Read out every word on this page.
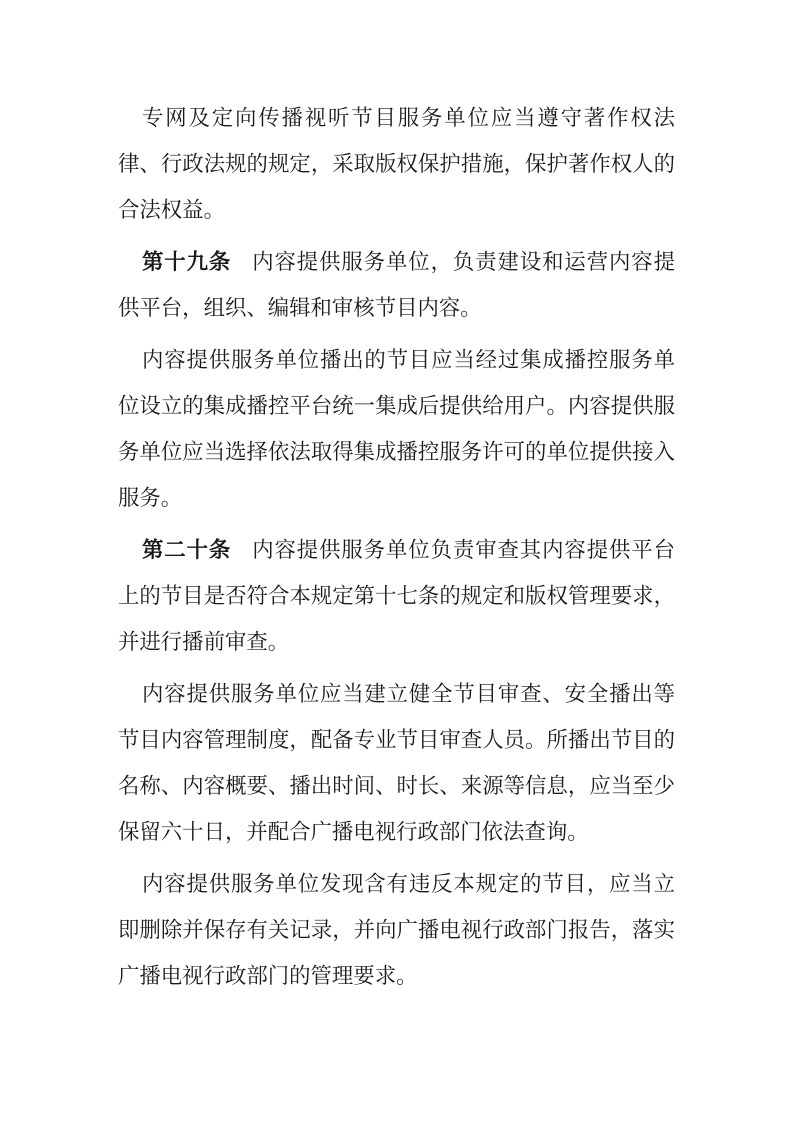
专网及定向传播视听节目服务单位应当遵守著作权法律、行政法规的规定，采取版权保护措施，保护著作权人的合法权益。

第十九条 内容提供服务单位，负责建设和运营内容提供平台，组织、编辑和审核节目内容。

内容提供服务单位播出的节目应当经过集成播控服务单位设立的集成播控平台统一集成后提供给用户。内容提供服务单位应当选择依法取得集成播控服务许可的单位提供接入服务。

第二十条 内容提供服务单位负责审查其内容提供平台上的节目是否符合本规定第十七条的规定和版权管理要求，并进行播前审查。

内容提供服务单位应当建立健全节目审查、安全播出等节目内容管理制度，配备专业节目审查人员。所播出节目的名称、内容概要、播出时间、时长、来源等信息，应当至少保留六十日，并配合广播电视行政部门依法查询。

内容提供服务单位发现含有违反本规定的节目，应当立即删除并保存有关记录，并向广播电视行政部门报告，落实广播电视行政部门的管理要求。
